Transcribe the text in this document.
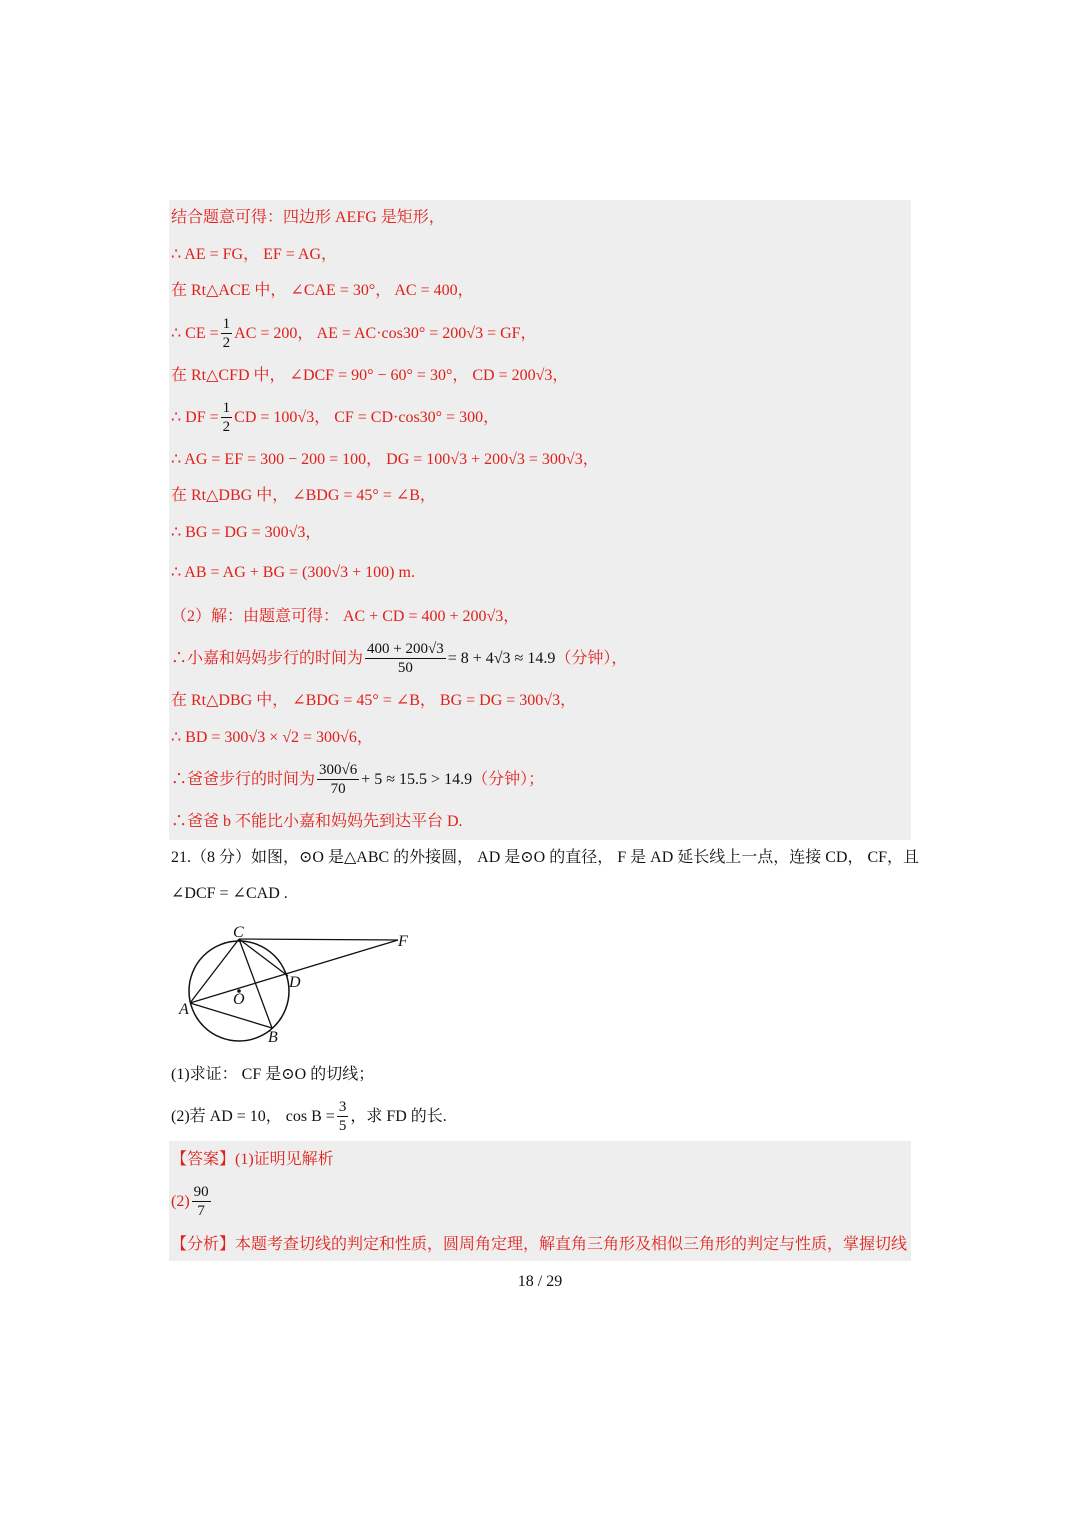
结合题意可得：四边形 AEFG 是矩形，
∴ AE = FG， EF = AG，
在 Rt△ACE 中， ∠CAE = 30°， AC = 400，
∴ CE = $\frac{1}{2}$ AC = 200， AE = AC·cos30° = 200√3 = GF，
在 Rt△CFD 中， ∠DCF = 90° − 60° = 30°， CD = 200√3，
∴ DF = $\frac{1}{2}$ CD = 100√3， CF = CD·cos30° = 300，
∴ AG = EF = 300 − 200 = 100， DG = 100√3 + 200√3 = 300√3，
在 Rt△DBG 中， ∠BDG = 45° = ∠B，
∴ BG = DG = 300√3，
∴ AB = AG + BG = (300√3 + 100) m.
（2）解：由题意可得： AC + CD = 400 + 200√3，
∴小嘉和妈妈步行的时间为 $\frac{400 + 200√3}{50} = 8 + 4√3 \approx 14.9$ （分钟），
在 Rt△DBG 中， ∠BDG = 45° = ∠B， BG = DG = 300√3，
∴ BD = 300√3 × √2 = 300√6，
∴爸爸步行的时间为 $\frac{300√6}{70} + 5 \approx 15.5 > 14.9$ （分钟）；
∴爸爸 b 不能比小嘉和妈妈先到达平台 D.
21.（8 分）如图，⊙O 是△ABC 的外接圆， AD 是⊙O 的直径， F 是 AD 延长线上一点，连接 CD， CF，且
∠DCF = ∠CAD .
C
F
D
O
A
B
(1)求证： CF 是⊙O 的切线；
(2)若 AD = 10， $\cos B = \frac{3}{5}$ ，求 FD 的长.
【答案】(1)证明见解析
$(2) \frac{90}{7}$
【分析】本题考查切线的判定和性质，圆周角定理，解直角三角形及相似三角形的判定与性质，掌握切线
18 / 29
